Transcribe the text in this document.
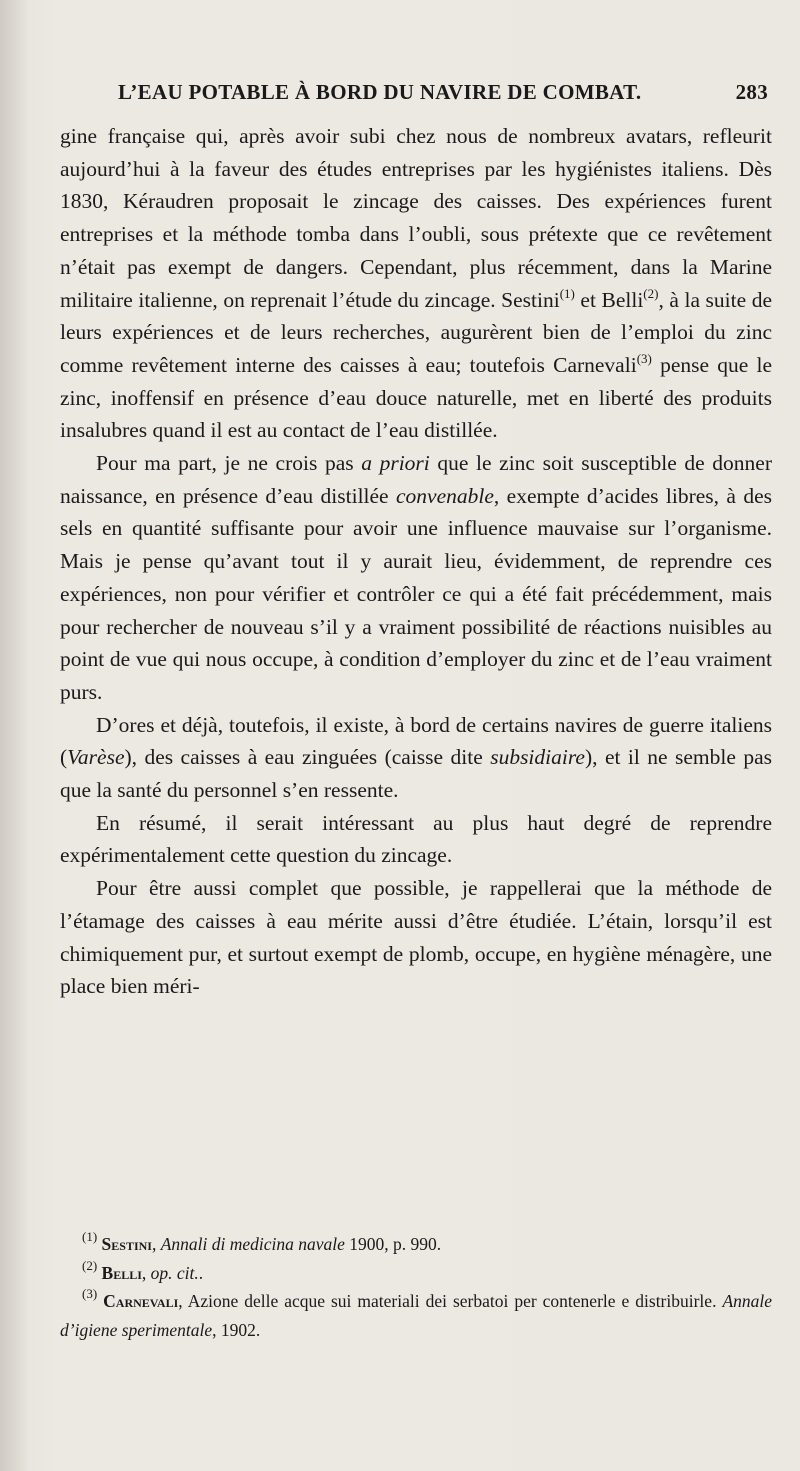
L’EAU POTABLE À BORD DU NAVIRE DE COMBAT.	283

gine française qui, après avoir subi chez nous de nombreux avatars, refleurit aujourd’hui à la faveur des études entreprises par les hygiénistes italiens. Dès 1830, Kéraudren proposait le zincage des caisses. Des expériences furent entreprises et la méthode tomba dans l’oubli, sous prétexte que ce revêtement n’était pas exempt de dangers. Cependant, plus récemment, dans la Marine militaire italienne, on reprenait l’étude du zincage. Sestini$^{(1)}$ et Belli$^{(2)}$, à la suite de leurs expériences et de leurs recherches, augurèrent bien de l’emploi du zinc comme revêtement interne des caisses à eau; toutefois Carnevali$^{(3)}$ pense que le zinc, inoffensif en présence d’eau douce naturelle, met en liberté des produits insalubres quand il est au contact de l’eau distillée.

Pour ma part, je ne crois pas a priori que le zinc soit susceptible de donner naissance, en présence d’eau distillée convenable, exempte d’acides libres, à des sels en quantité suffisante pour avoir une influence mauvaise sur l’organisme. Mais je pense qu’avant tout il y aurait lieu, évidemment, de reprendre ces expériences, non pour vérifier et contrôler ce qui a été fait précédemment, mais pour rechercher de nouveau s’il y a vraiment possibilité de réactions nuisibles au point de vue qui nous occupe, à condition d’employer du zinc et de l’eau vraiment purs.

D’ores et déjà, toutefois, il existe, à bord de certains navires de guerre italiens (Varèse), des caisses à eau zinguées (caisse dite subsidiaire), et il ne semble pas que la santé du personnel s’en ressente.

En résumé, il serait intéressant au plus haut degré de reprendre expérimentalement cette question du zincage.

Pour être aussi complet que possible, je rappellerai que la méthode de l’étamage des caisses à eau mérite aussi d’être étudiée. L’étain, lorsqu’il est chimiquement pur, et surtout exempt de plomb, occupe, en hygiène ménagère, une place bien méri-

$^{(1)}$ Sestini, Annali di medicina navale 1900, p. 990.

$^{(2)}$ Belli, op. cit..

$^{(3)}$ Carnevali, Azione delle acque sui materiali dei serbatoi per contenerle e distribuirle. Annale d’igiene sperimentale, 1902.
